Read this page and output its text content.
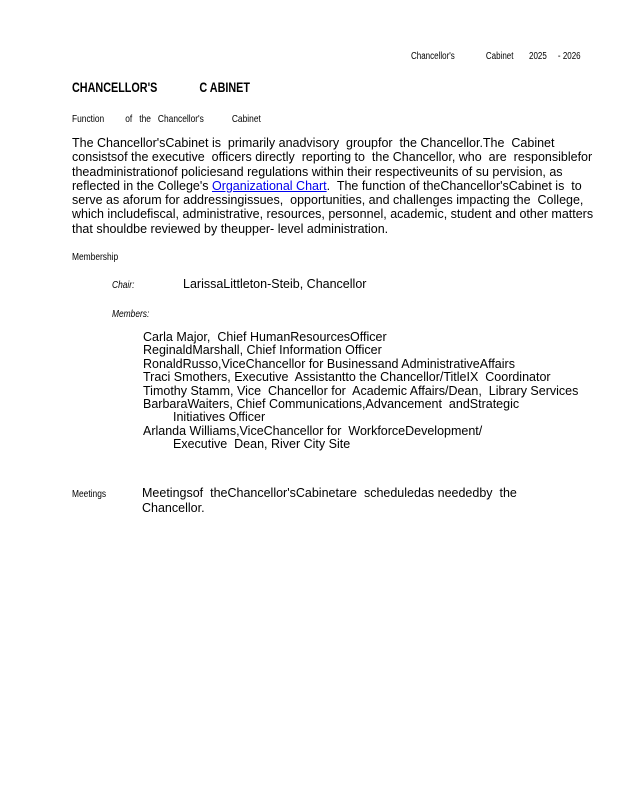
Chancellor's              Cabinet       2025     - 2026
CHANCELLOR'S              C ABINET
Function         of   the   Chancellor's            Cabinet
The Chancellor'sCabinet is  primarily anadvisory  groupfor  the Chancellor.The  Cabinet
consistsof the executive  officers directly  reporting to  the Chancellor, who  are  responsiblefor
theadministrationof policiesand regulations within their respectiveunits of su pervision, as
reflected in the College's Organizational Chart.  The function of theChancellor'sCabinet is  to
serve as aforum for addressingissues,  opportunities, and challenges impacting the  College,
which includefiscal, administrative, resources, personnel, academic, student and other matters
that shouldbe reviewed by theupper- level administration.
Membership
Chair:	LarissaLittleton-Steib, Chancellor
Members:
Carla Major,  Chief HumanResourcesOfficer
ReginaldMarshall, Chief Information Officer
RonaldRusso,ViceChancellor for Businessand AdministrativeAffairs
Traci Smothers, Executive  Assistantto the Chancellor/TitleIX  Coordinator
Timothy Stamm, Vice  Chancellor for  Academic Affairs/Dean,  Library Services
BarbaraWaiters, Chief Communications,Advancement  andStrategic
Initiatives Officer
Arlanda Williams,ViceChancellor for  WorkforceDevelopment/
Executive  Dean, River City Site
Meetings	Meetingsof  theChancellor'sCabinetare  scheduledas neededby  the
Chancellor.
